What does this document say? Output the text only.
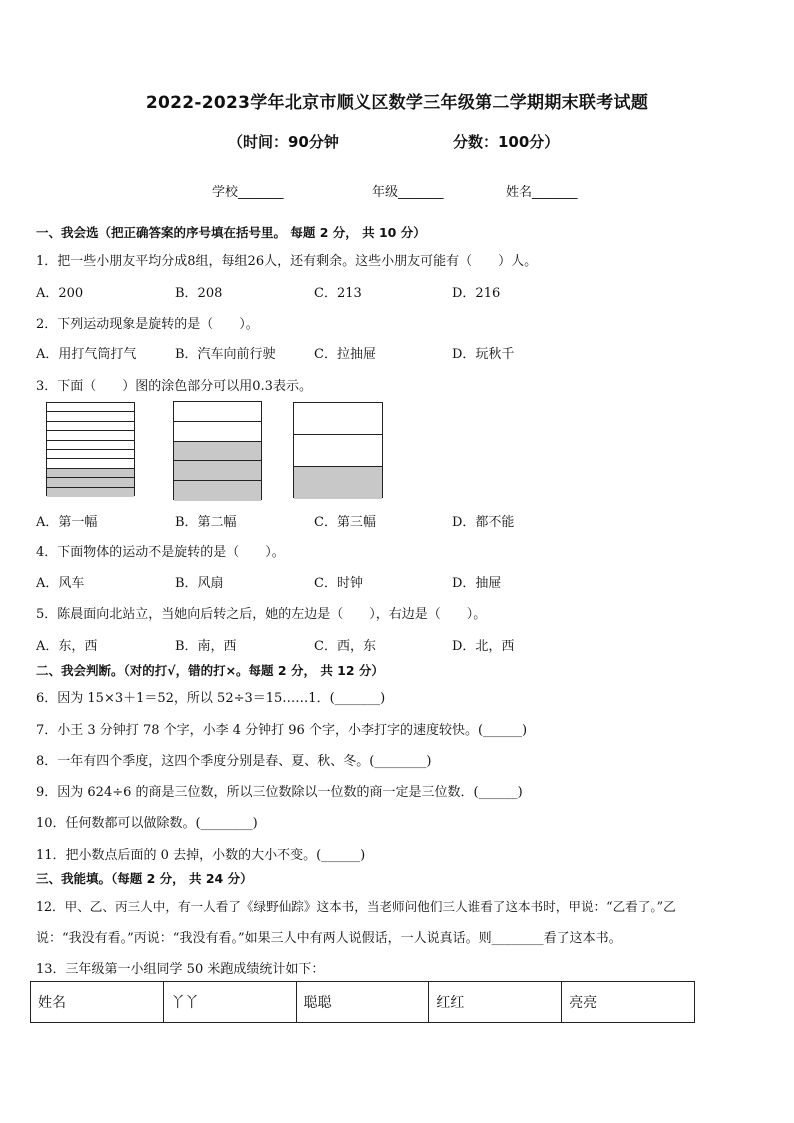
2022-2023学年北京市顺义区数学三年级第二学期期末联考试题
（时间：90分钟	分数：100分）
学校_______	年级_______	姓名_______
一、我会选（把正确答案的序号填在括号里。 每题 2 分， 共 10 分）
1．把一些小朋友平均分成8组，每组26人，还有剩余。这些小朋友可能有（　　）人。
A．200	B．208	C．213	D．216
2．下列运动现象是旋转的是（　　）。
A．用打气筒打气	B．汽车向前行驶	C．拉抽屉	D．玩秋千
3．下面（　　）图的涂色部分可以用0.3表示。
A．第一幅	B．第二幅	C．第三幅	D．都不能
4．下面物体的运动不是旋转的是（　　）。
A．风车	B．风扇	C．时钟	D．抽屉
5．陈晨面向北站立，当她向后转之后，她的左边是（　　），右边是（　　）。
A．东，西	B．南，西	C．西，东	D．北，西
二、我会判断。（对的打√，错的打×。每题 2 分， 共 12 分）
6．因为 15×3＋1＝52，所以 52÷3＝15……1．(_______)
7．小王 3 分钟打 78 个字，小李 4 分钟打 96 个字，小李打字的速度较快。(______)
8．一年有四个季度，这四个季度分别是春、夏、秋、冬。(________)
9．因为 624÷6 的商是三位数，所以三位数除以一位数的商一定是三位数．(______)
10．任何数都可以做除数。(________)
11．把小数点后面的 0 去掉，小数的大小不变。(______)
三、我能填。（每题 2 分， 共 24 分）
12．甲、乙、丙三人中，有一人看了《绿野仙踪》这本书，当老师问他们三人谁看了这本书时，甲说：“乙看了。”乙
说：“我没有看。”丙说：“我没有看。”如果三人中有两人说假话，一人说真话。则________看了这本书。
13．三年级第一小组同学 50 米跑成绩统计如下：
姓名	丫丫	聪聪	红红	亮亮
